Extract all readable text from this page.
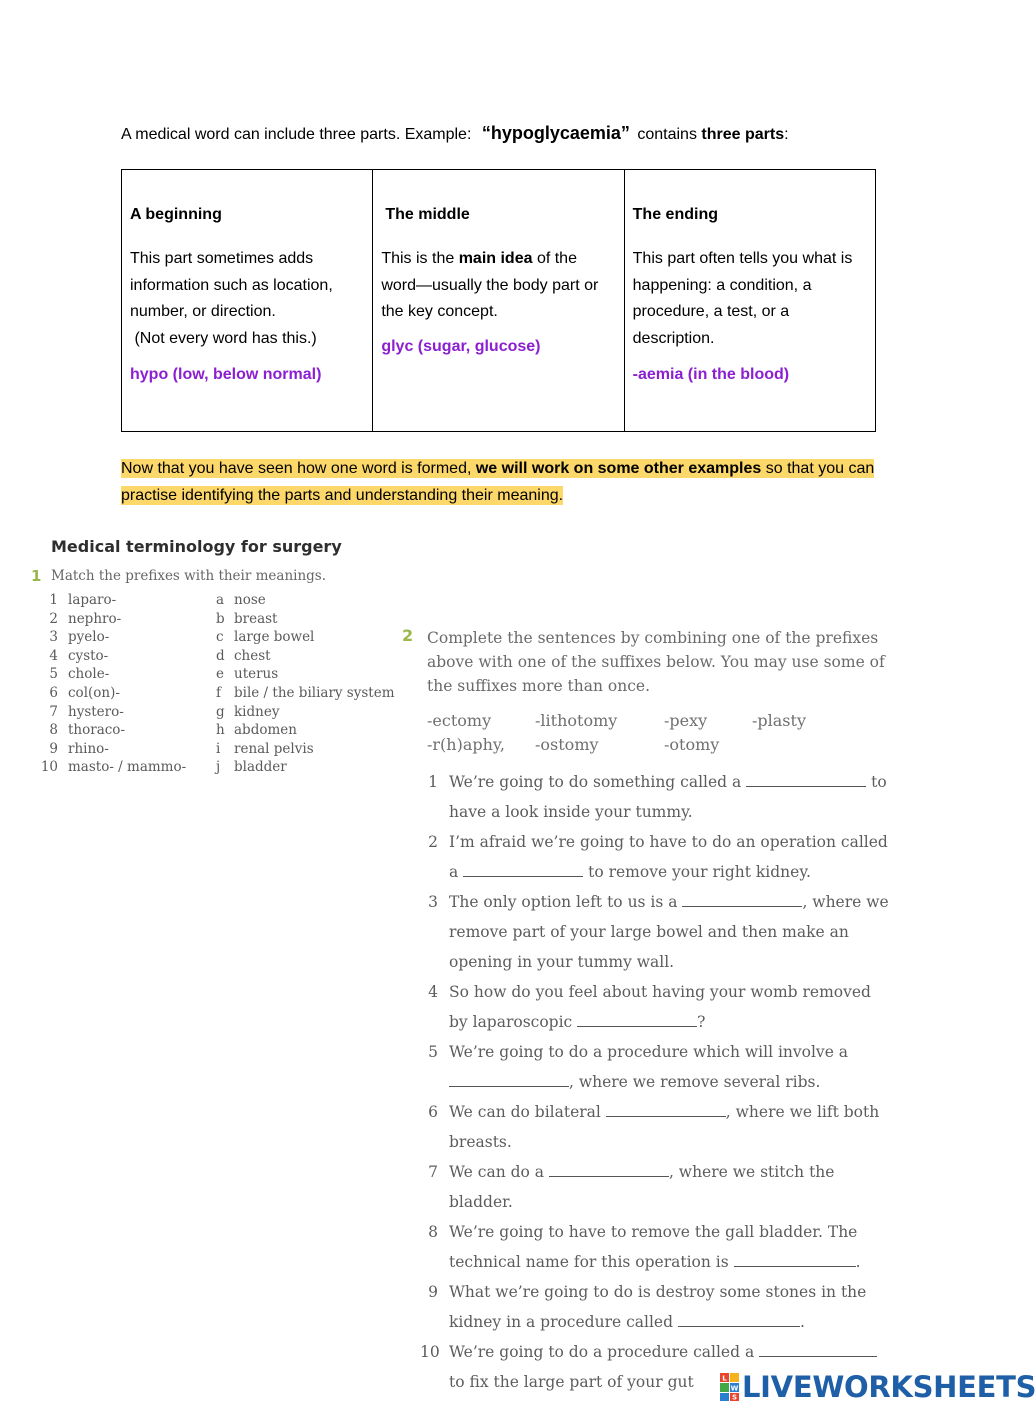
A medical word can include three parts. Example: “hypoglycaemia” contains three parts:
A beginning

This part sometimes adds information such as location, number, or direction.

(Not every word has this.)

hypo (low, below normal)
The middle

This is the main idea of the word—usually the body part or the key concept.

glyc (sugar, glucose)
The ending

This part often tells you what is happening: a condition, a procedure, a test, or a description.

-aemia (in the blood)
Now that you have seen how one word is formed, we will work on some other examples so that you can practise identifying the parts and understanding their meaning.
Medical terminology for surgery
1 Match the prefixes with their meanings.
1 laparo-	a nose
2 nephro-	b breast
3 pyelo-	c large bowel
4 cysto-	d chest
5 chole-	e uterus
6 col(on)-	f bile / the biliary system
7 hystero-	g kidney
8 thoraco-	h abdomen
9 rhino-	i renal pelvis
10 masto- / mammo- j bladder
2 Complete the sentences by combining one of the prefixes above with one of the suffixes below. You may use some of the suffixes more than once.
-ectomy	-lithotomy	-pexy	-plasty
-r(h)aphy, -ostomy	-otomy
1 We’re going to do something called a	to have a look inside your tummy.
2 I’m afraid we’re going to have to do an operation called a	to remove your right kidney.
3 The only option left to us is a	, where we remove part of your large bowel and then make an opening in your tummy wall.
4 So how do you feel about having your womb removed by laparoscopic	?
5 We’re going to do a procedure which will involve a , where we remove several ribs.
6 We can do bilateral	, where we lift both breasts.
7 We can do a	, where we stitch the bladder.
8 We’re going to have to remove the gall bladder. The technical name for this operation is	.
9 What we’re going to do is destroy some stones in the kidney in a procedure called	.
10 We’re going to do a procedure called a  to fix the large part of your gut	L
W
S LIVEWORKSHEETS
